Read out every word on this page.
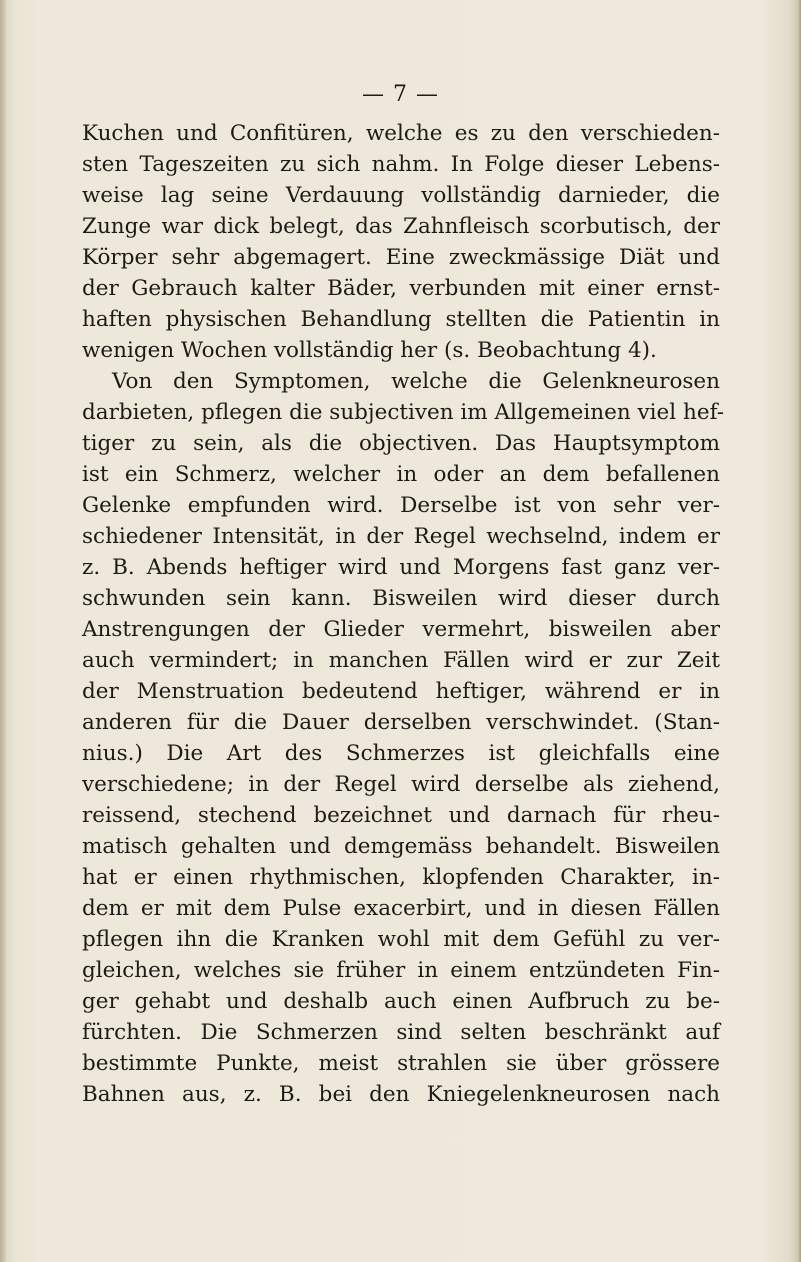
— 7 —
Kuchen und Confitüren, welche es zu den verschieden-
sten Tageszeiten zu sich nahm. In Folge dieser Lebens-
weise lag seine Verdauung vollständig darnieder, die
Zunge war dick belegt, das Zahnfleisch scorbutisch, der
Körper sehr abgemagert. Eine zweckmässige Diät und
der Gebrauch kalter Bäder, verbunden mit einer ernst-
haften physischen Behandlung stellten die Patientin in
wenigen Wochen vollständig her (s. Beobachtung 4).
Von den Symptomen, welche die Gelenkneurosen
darbieten, pflegen die subjectiven im Allgemeinen viel hef-
tiger zu sein, als die objectiven. Das Hauptsymptom
ist ein Schmerz, welcher in oder an dem befallenen
Gelenke empfunden wird. Derselbe ist von sehr ver-
schiedener Intensität, in der Regel wechselnd, indem er
z. B. Abends heftiger wird und Morgens fast ganz ver-
schwunden sein kann. Bisweilen wird dieser durch
Anstrengungen der Glieder vermehrt, bisweilen aber
auch vermindert; in manchen Fällen wird er zur Zeit
der Menstruation bedeutend heftiger, während er in
anderen für die Dauer derselben verschwindet. (Stan-
nius.) Die Art des Schmerzes ist gleichfalls eine
verschiedene; in der Regel wird derselbe als ziehend,
reissend, stechend bezeichnet und darnach für rheu-
matisch gehalten und demgemäss behandelt. Bisweilen
hat er einen rhythmischen, klopfenden Charakter, in-
dem er mit dem Pulse exacerbirt, und in diesen Fällen
pflegen ihn die Kranken wohl mit dem Gefühl zu ver-
gleichen, welches sie früher in einem entzündeten Fin-
ger gehabt und deshalb auch einen Aufbruch zu be-
fürchten. Die Schmerzen sind selten beschränkt auf
bestimmte Punkte, meist strahlen sie über grössere
Bahnen aus, z. B. bei den Kniegelenkneurosen nach
